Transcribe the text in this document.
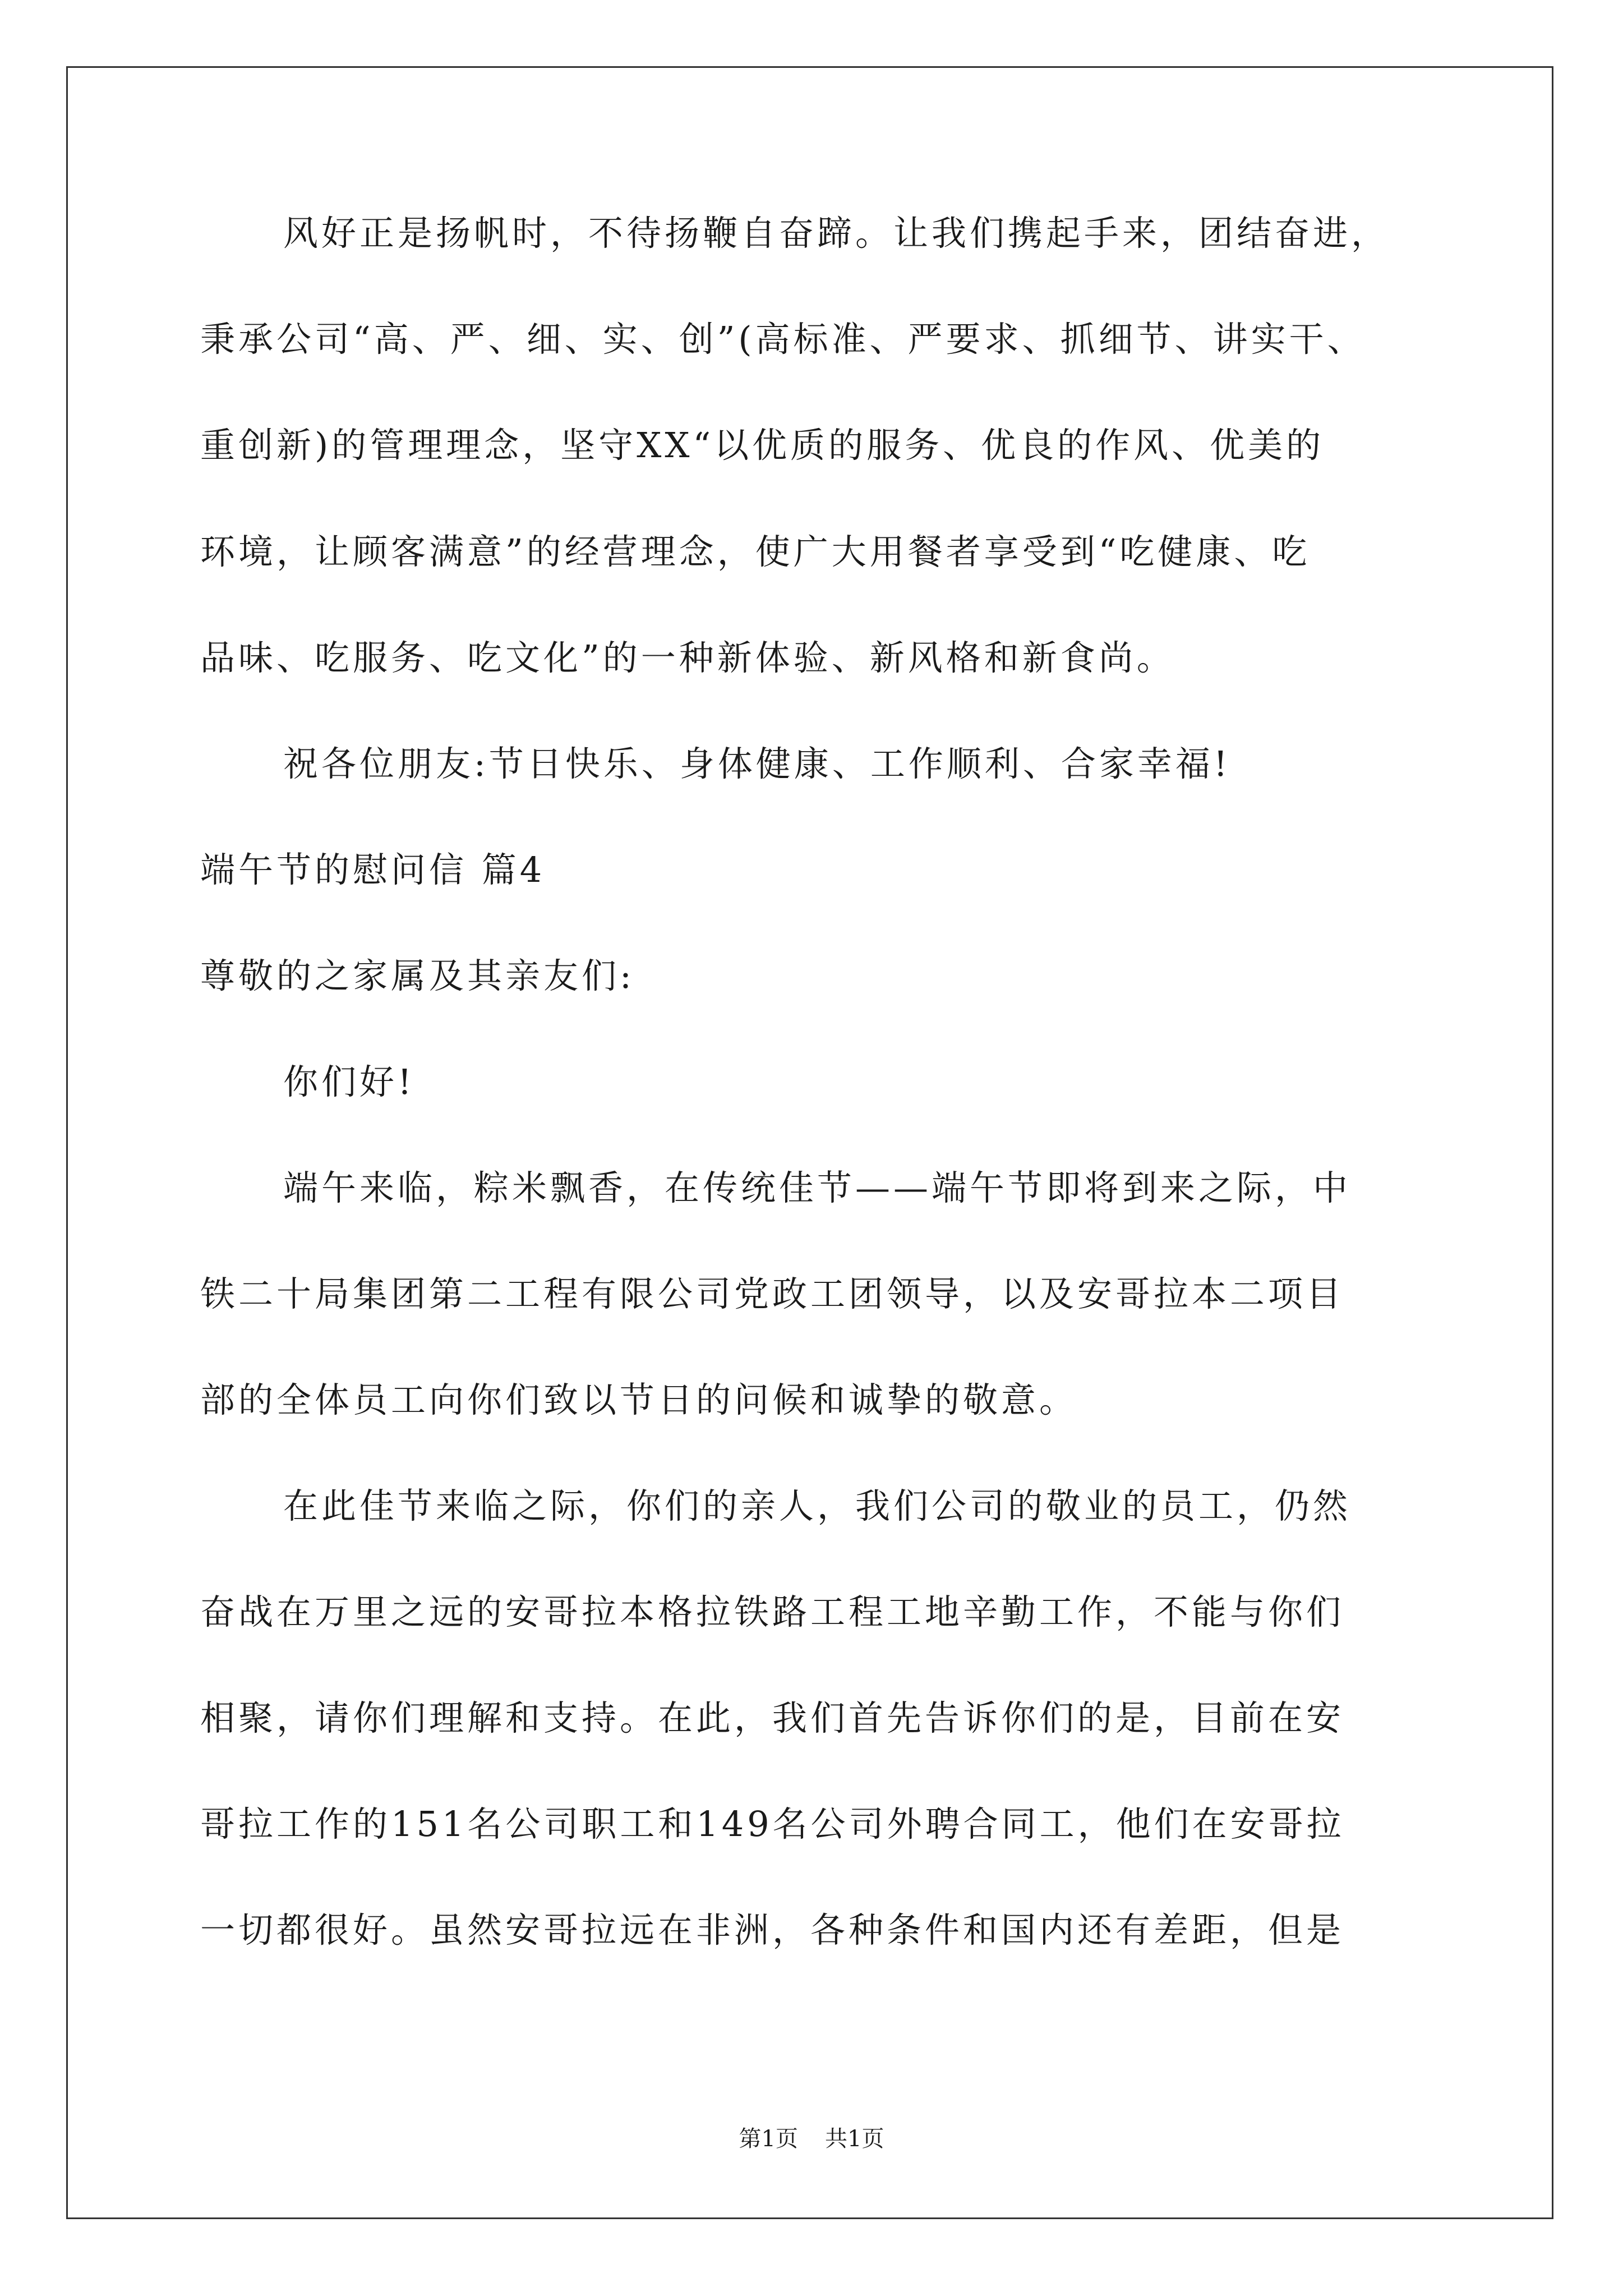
风好正是扬帆时，不待扬鞭自奋蹄。让我们携起手来，团结奋进，
秉承公司“高、严、细、实、创”(高标准、严要求、抓细节、讲实干、
重创新)的管理理念，坚守XX“以优质的服务、优良的作风、优美的
环境，让顾客满意”的经营理念，使广大用餐者享受到“吃健康、吃
品味、吃服务、吃文化”的一种新体验、新风格和新食尚。
祝各位朋友:节日快乐、身体健康、工作顺利、合家幸福!
端午节的慰问信 篇4
尊敬的之家属及其亲友们:
你们好!
端午来临，粽米飘香，在传统佳节——端午节即将到来之际，中
铁二十局集团第二工程有限公司党政工团领导，以及安哥拉本二项目
部的全体员工向你们致以节日的问候和诚挚的敬意。
在此佳节来临之际，你们的亲人，我们公司的敬业的员工，仍然
奋战在万里之远的安哥拉本格拉铁路工程工地辛勤工作，不能与你们
相聚，请你们理解和支持。在此，我们首先告诉你们的是，目前在安
哥拉工作的151名公司职工和149名公司外聘合同工，他们在安哥拉
一切都很好。虽然安哥拉远在非洲，各种条件和国内还有差距，但是
第1页 共1页
